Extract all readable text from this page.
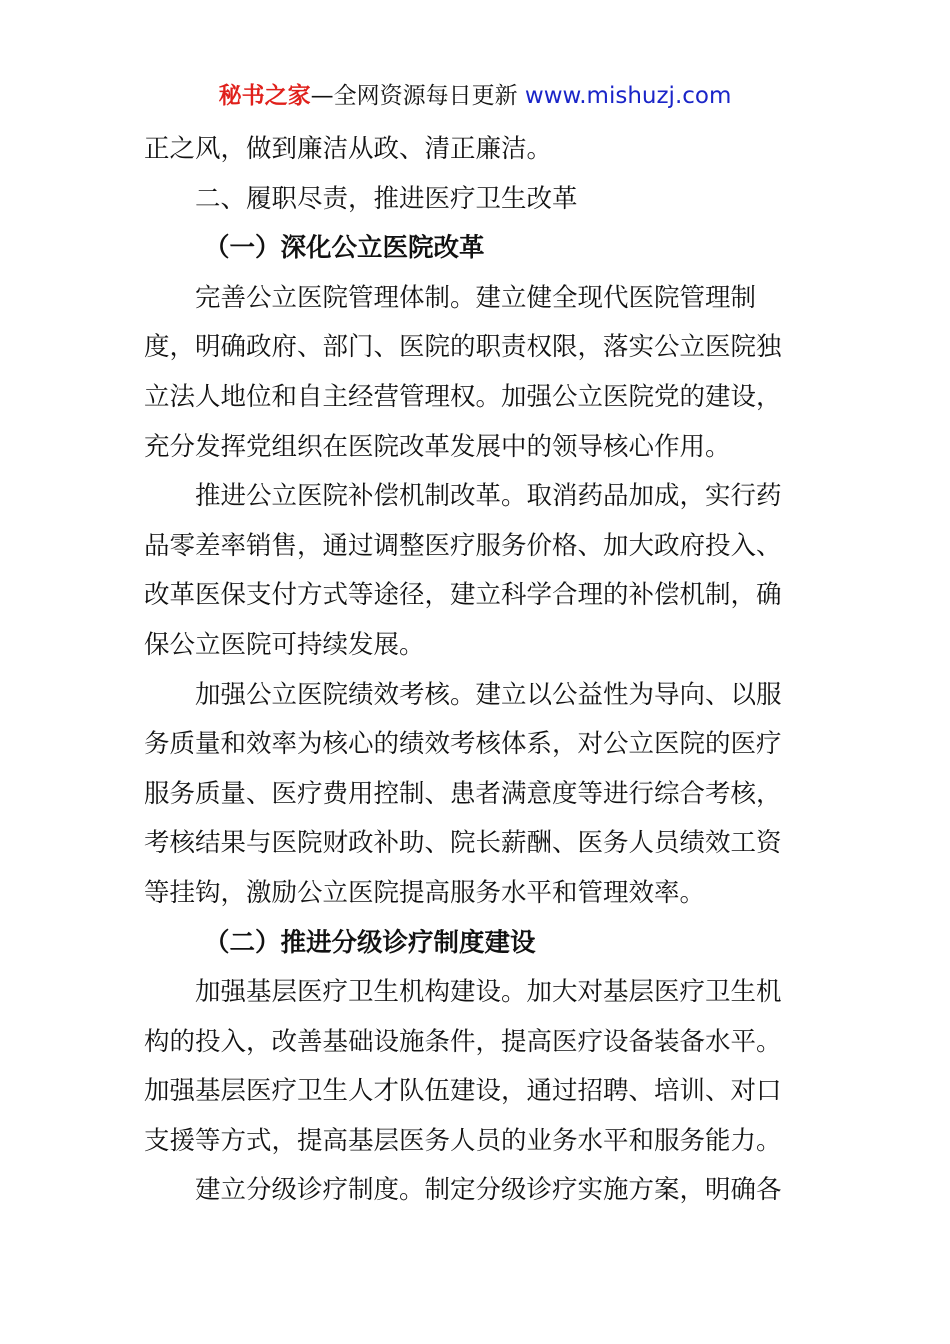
秘书之家—全网资源每日更新 www.mishuzj.com
正之风，做到廉洁从政、清正廉洁。
二、履职尽责，推进医疗卫生改革
（一）深化公立医院改革
完善公立医院管理体制。建立健全现代医院管理制
度，明确政府、部门、医院的职责权限，落实公立医院独
立法人地位和自主经营管理权。加强公立医院党的建设，
充分发挥党组织在医院改革发展中的领导核心作用。
推进公立医院补偿机制改革。取消药品加成，实行药
品零差率销售，通过调整医疗服务价格、加大政府投入、
改革医保支付方式等途径，建立科学合理的补偿机制，确
保公立医院可持续发展。
加强公立医院绩效考核。建立以公益性为导向、以服
务质量和效率为核心的绩效考核体系，对公立医院的医疗
服务质量、医疗费用控制、患者满意度等进行综合考核，
考核结果与医院财政补助、院长薪酬、医务人员绩效工资
等挂钩，激励公立医院提高服务水平和管理效率。
（二）推进分级诊疗制度建设
加强基层医疗卫生机构建设。加大对基层医疗卫生机
构的投入，改善基础设施条件，提高医疗设备装备水平。
加强基层医疗卫生人才队伍建设，通过招聘、培训、对口
支援等方式，提高基层医务人员的业务水平和服务能力。
建立分级诊疗制度。制定分级诊疗实施方案，明确各
